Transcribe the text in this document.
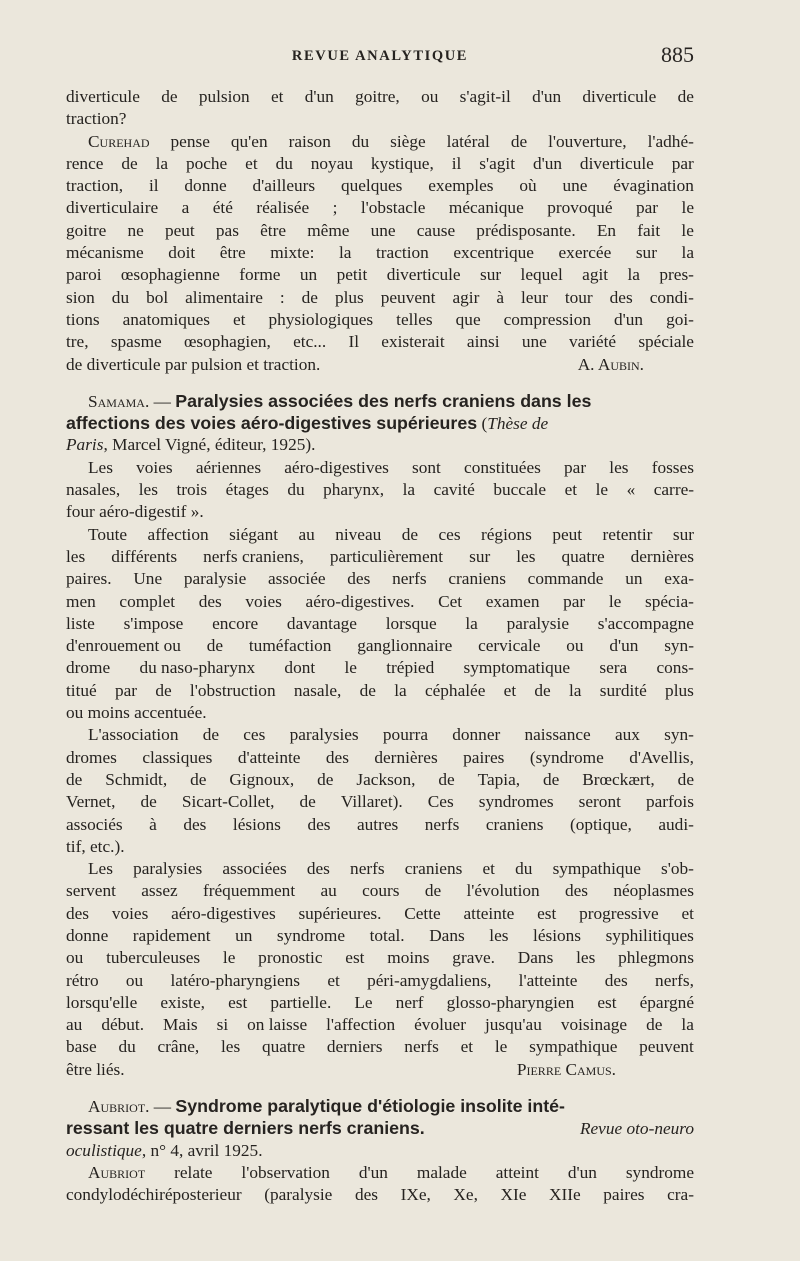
REVUE ANALYTIQUE	885
diverticule de pulsion et d'un goitre, ou s'agit-il d'un diverticule de
traction?
Curehad pense qu'en raison du siège latéral de l'ouverture, l'adhé-
rence de la poche et du noyau kystique, il s'agit d'un diverticule par
traction, il donne d'ailleurs quelques exemples où une évagination
diverticulaire a été réalisée ; l'obstacle mécanique provoqué par le
goitre ne peut pas être même une cause prédisposante. En fait le
mécanisme doit être mixte: la traction excentrique exercée sur la
paroi œsophagienne forme un petit diverticule sur lequel agit la pres-
sion du bol alimentaire : de plus peuvent agir à leur tour des condi-
tions anatomiques et physiologiques telles que compression d'un goi-
tre, spasme œsophagien, etc... Il existerait ainsi une variété spéciale
de diverticule par pulsion et traction.	A. Aubin.
Samama.
—
Paralysies associées des nerfs craniens dans les
affections des voies aéro-digestives supérieures
( Thèse de
Paris , Marcel Vigné, éditeur, 1925).
Les voies aériennes aéro-digestives sont constituées par les fosses
nasales, les trois étages du pharynx, la cavité buccale et le « carre-
four aéro-digestif ».
Toute affection siégant au niveau de ces régions peut retentir sur
les différents nerfs craniens, particulièrement sur les quatre dernières
paires. Une paralysie associée des nerfs craniens commande un exa-
men complet des voies aéro-digestives. Cet examen par le spécia-
liste s'impose encore davantage lorsque la paralysie s'accompagne
d'enrouement ou de tuméfaction ganglionnaire cervicale ou d'un syn-
drome du naso-pharynx dont le trépied symptomatique sera cons-
titué par de l'obstruction nasale, de la céphalée et de la surdité plus
ou moins accentuée.
L'association de ces paralysies pourra donner naissance aux syn-
dromes classiques d'atteinte des dernières paires (syndrome d'Avellis,
de Schmidt, de Gignoux, de Jackson, de Tapia, de Brœckært, de
Vernet, de Sicart-Collet, de Villaret). Ces syndromes seront parfois
associés à des lésions des autres nerfs craniens (optique, audi-
tif, etc.).
Les paralysies associées des nerfs craniens et du sympathique s'ob-
servent assez fréquemment au cours de l'évolution des néoplasmes
des voies aéro-digestives supérieures. Cette atteinte est progressive et
donne rapidement un syndrome total. Dans les lésions syphilitiques
ou tuberculeuses le pronostic est moins grave. Dans les phlegmons
rétro ou latéro-pharyngiens et péri-amygdaliens, l'atteinte des nerfs,
lorsqu'elle existe, est partielle. Le nerf glosso-pharyngien est épargné
au début. Mais si on laisse l'affection évoluer jusqu'au voisinage de la
base du crâne, les quatre derniers nerfs et le sympathique peuvent
être liés.	Pierre Camus.
Aubriot.
—
Syndrome paralytique d'étiologie insolite inté-
ressant les quatre derniers nerfs craniens.	Revue oto-neuro
oculistique , n° 4, avril 1925.
Aubriot relate l'observation d'un malade atteint d'un syndrome
condylodéchiréposterieur (paralysie des IXe, Xe, XIe XIIe paires cra-
